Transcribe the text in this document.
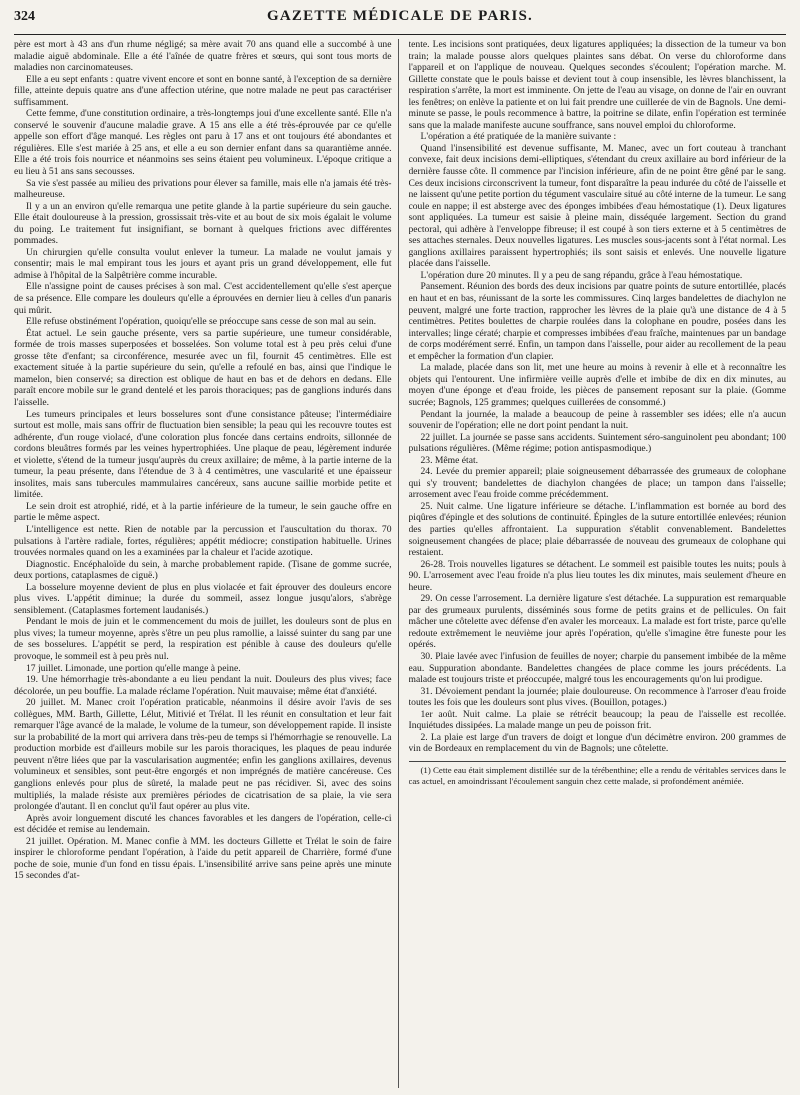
324	GAZETTE MÉDICALE DE PARIS.

père est mort à 43 ans d'un rhume négligé; sa mère avait 70 ans quand elle a succombé à une maladie aiguë abdominale. Elle a été l'aînée de quatre frères et sœurs, qui sont tous morts de maladies non carcinomateuses.

Elle a eu sept enfants : quatre vivent encore et sont en bonne santé, à l'exception de sa dernière fille, atteinte depuis quatre ans d'une affection utérine, que notre malade ne peut pas caractériser suffisamment.

Cette femme, d'une constitution ordinaire, a très-longtemps joui d'une excellente santé. Elle n'a conservé le souvenir d'aucune maladie grave. A 15 ans elle a été très-éprouvée par ce qu'elle appelle son effort d'âge manqué. Les règles ont paru à 17 ans et ont toujours été abondantes et régulières. Elle s'est mariée à 25 ans, et elle a eu son dernier enfant dans sa quarantième année. Elle a été trois fois nourrice et néanmoins ses seins étaient peu volumineux. L'époque critique a eu lieu à 51 ans sans secousses.

Sa vie s'est passée au milieu des privations pour élever sa famille, mais elle n'a jamais été très-malheureuse.

Il y a un an environ qu'elle remarqua une petite glande à la partie supérieure du sein gauche. Elle était douloureuse à la pression, grossissait très-vite et au bout de six mois égalait le volume du poing. Le traitement fut insignifiant, se bornant à quelques frictions avec différentes pommades.

Un chirurgien qu'elle consulta voulut enlever la tumeur. La malade ne voulut jamais y consentir; mais le mal empirant tous les jours et ayant pris un grand développement, elle fut admise à l'hôpital de la Salpêtrière comme incurable.

Elle n'assigne point de causes précises à son mal. C'est accidentellement qu'elle s'est aperçue de sa présence. Elle compare les douleurs qu'elle a éprouvées en dernier lieu à celles d'un panaris qui mûrit.

Elle refuse obstinément l'opération, quoiqu'elle se préoccupe sans cesse de son mal au sein.

État actuel. Le sein gauche présente, vers sa partie supérieure, une tumeur considérable, formée de trois masses superposées et bosselées. Son volume total est à peu près celui d'une grosse tête d'enfant; sa circonférence, mesurée avec un fil, fournit 45 centimètres. Elle est exactement située à la partie supérieure du sein, qu'elle a refoulé en bas, ainsi que l'indique le mamelon, bien conservé; sa direction est oblique de haut en bas et de dehors en dedans. Elle paraît encore mobile sur le grand dentelé et les parois thoraciques; pas de ganglions indurés dans l'aisselle.

Les tumeurs principales et leurs bosselures sont d'une consistance pâteuse; l'intermédiaire surtout est molle, mais sans offrir de fluctuation bien sensible; la peau qui les recouvre toutes est adhérente, d'un rouge violacé, d'une coloration plus foncée dans certains endroits, sillonnée de cordons bleuâtres formés par les veines hypertrophiées. Une plaque de peau, légèrement indurée et violette, s'étend de la tumeur jusqu'auprès du creux axillaire; de même, à la partie interne de la tumeur, la peau présente, dans l'étendue de 3 à 4 centimètres, une vascularité et une épaisseur insolites, mais sans tubercules mammulaires cancéreux, sans aucune saillie morbide petite et limitée.

Le sein droit est atrophié, ridé, et à la partie inférieure de la tumeur, le sein gauche offre en partie le même aspect.

L'intelligence est nette. Rien de notable par la percussion et l'auscultation du thorax. 70 pulsations à l'artère radiale, fortes, régulières; appétit médiocre; constipation habituelle. Urines trouvées normales quand on les a examinées par la chaleur et l'acide azotique.

Diagnostic. Encéphaloïde du sein, à marche probablement rapide. (Tisane de gomme sucrée, deux portions, cataplasmes de ciguë.)

La bosselure moyenne devient de plus en plus violacée et fait éprouver des douleurs encore plus vives. L'appétit diminue; la durée du sommeil, assez longue jusqu'alors, s'abrège sensiblement. (Cataplasmes fortement laudanisés.)

Pendant le mois de juin et le commencement du mois de juillet, les douleurs sont de plus en plus vives; la tumeur moyenne, après s'être un peu plus ramollie, a laissé suinter du sang par une de ses bosselures. L'appétit se perd, la respiration est pénible à cause des douleurs qu'elle provoque, le sommeil est à peu près nul.

17 juillet. Limonade, une portion qu'elle mange à peine.

19. Une hémorrhagie très-abondante a eu lieu pendant la nuit. Douleurs des plus vives; face décolorée, un peu bouffie. La malade réclame l'opération. Nuit mauvaise; même état d'anxiété.

20 juillet. M. Manec croit l'opération praticable, néanmoins il désire avoir l'avis de ses collègues, MM. Barth, Gillette, Lélut, Mitivié et Trélat. Il les réunit en consultation et leur fait remarquer l'âge avancé de la malade, le volume de la tumeur, son développement rapide. Il insiste sur la probabilité de la mort qui arrivera dans très-peu de temps si l'hémorrhagie se renouvelle. La production morbide est d'ailleurs mobile sur les parois thoraciques, les plaques de peau indurée peuvent n'être liées que par la vascularisation augmentée; enfin les ganglions axillaires, devenus volumineux et sensibles, sont peut-être engorgés et non imprégnés de matière cancéreuse. Ces ganglions enlevés pour plus de sûreté, la malade peut ne pas récidiver. Si, avec des soins multipliés, la malade résiste aux premières périodes de cicatrisation de sa plaie, la vie sera prolongée d'autant. Il en conclut qu'il faut opérer au plus vite.

Après avoir longuement discuté les chances favorables et les dangers de l'opération, celle-ci est décidée et remise au lendemain.

21 juillet. Opération. M. Manec confie à MM. les docteurs Gillette et Trélat le soin de faire inspirer le chloroforme pendant l'opération, à l'aide du petit appareil de Charrière, formé d'une poche de soie, munie d'un fond en tissu épais. L'insensibilité arrive sans peine après une minute 15 secondes d'at-

tente. Les incisions sont pratiquées, deux ligatures appliquées; la dissection de la tumeur va bon train; la malade pousse alors quelques plaintes sans débat. On verse du chloroforme dans l'appareil et on l'applique de nouveau. Quelques secondes s'écoulent; l'opération marche. M. Gillette constate que le pouls baisse et devient tout à coup insensible, les lèvres blanchissent, la respiration s'arrête, la mort est imminente. On jette de l'eau au visage, on donne de l'air en ouvrant les fenêtres; on enlève la patiente et on lui fait prendre une cuillerée de vin de Bagnols. Une demi-minute se passe, le pouls recommence à battre, la poitrine se dilate, enfin l'opération est terminée sans que la malade manifeste aucune souffrance, sans nouvel emploi du chloroforme.

L'opération a été pratiquée de la manière suivante :

Quand l'insensibilité est devenue suffisante, M. Manec, avec un fort couteau à tranchant convexe, fait deux incisions demi-elliptiques, s'étendant du creux axillaire au bord inférieur de la dernière fausse côte. Il commence par l'incision inférieure, afin de ne point être gêné par le sang. Ces deux incisions circonscrivent la tumeur, font disparaître la peau indurée du côté de l'aisselle et ne laissent qu'une petite portion du tégument vasculaire situé au côté interne de la tumeur. Le sang coule en nappe; il est absterge avec des éponges imbibées d'eau hémostatique (1). Deux ligatures sont appliquées. La tumeur est saisie à pleine main, disséquée largement. Section du grand pectoral, qui adhère à l'enveloppe fibreuse; il est coupé à son tiers externe et à 5 centimètres de ses attaches sternales. Deux nouvelles ligatures. Les muscles sous-jacents sont à l'état normal. Les ganglions axillaires paraissent hypertrophiés; ils sont saisis et enlevés. Une nouvelle ligature placée dans l'aisselle.

L'opération dure 20 minutes. Il y a peu de sang répandu, grâce à l'eau hémostatique.

Pansement. Réunion des bords des deux incisions par quatre points de suture entortillée, placés en haut et en bas, réunissant de la sorte les commissures. Cinq larges bandelettes de diachylon ne peuvent, malgré une forte traction, rapprocher les lèvres de la plaie qu'à une distance de 4 à 5 centimètres. Petites boulettes de charpie roulées dans la colophane en poudre, posées dans les intervalles; linge cératé; charpie et compresses imbibées d'eau fraîche, maintenues par un bandage de corps modérément serré. Enfin, un tampon dans l'aisselle, pour aider au recollement de la peau et empêcher la formation d'un clapier.

La malade, placée dans son lit, met une heure au moins à revenir à elle et à reconnaître les objets qui l'entourent. Une infirmière veille auprès d'elle et imbibe de dix en dix minutes, au moyen d'une éponge et d'eau froide, les pièces de pansement reposant sur la plaie. (Gomme sucrée; Bagnols, 125 grammes; quelques cuillerées de consommé.)

Pendant la journée, la malade a beaucoup de peine à rassembler ses idées; elle n'a aucun souvenir de l'opération; elle ne dort point pendant la nuit.

22 juillet. La journée se passe sans accidents. Suintement séro-sanguinolent peu abondant; 100 pulsations régulières. (Même régime; potion antispasmodique.)

23. Même état.

24. Levée du premier appareil; plaie soigneusement débarrassée des grumeaux de colophane qui s'y trouvent; bandelettes de diachylon changées de place; un tampon dans l'aisselle; arrosement avec l'eau froide comme précédemment.

25. Nuit calme. Une ligature inférieure se détache. L'inflammation est bornée au bord des piqûres d'épingle et des solutions de continuité. Épingles de la suture entortillée enlevées; réunion des parties qu'elles affrontaient. La suppuration s'établit convenablement. Bandelettes soigneusement changées de place; plaie débarrassée de nouveau des grumeaux de colophane qui restaient.

26-28. Trois nouvelles ligatures se détachent. Le sommeil est paisible toutes les nuits; pouls à 90. L'arrosement avec l'eau froide n'a plus lieu toutes les dix minutes, mais seulement d'heure en heure.

29. On cesse l'arrosement. La dernière ligature s'est détachée. La suppuration est remarquable par des grumeaux purulents, disséminés sous forme de petits grains et de pellicules. On fait mâcher une côtelette avec défense d'en avaler les morceaux. La malade est fort triste, parce qu'elle redoute extrêmement le neuvième jour après l'opération, qu'elle s'imagine être funeste pour les opérés.

30. Plaie lavée avec l'infusion de feuilles de noyer; charpie du pansement imbibée de la même eau. Suppuration abondante. Bandelettes changées de place comme les jours précédents. La malade est toujours triste et préoccupée, malgré tous les encouragements qu'on lui prodigue.

31. Dévoiement pendant la journée; plaie douloureuse. On recommence à l'arroser d'eau froide toutes les fois que les douleurs sont plus vives. (Bouillon, potages.)

1er août. Nuit calme. La plaie se rétrécit beaucoup; la peau de l'aisselle est recollée. Inquiétudes dissipées. La malade mange un peu de poisson frit.

2. La plaie est large d'un travers de doigt et longue d'un décimètre environ. 200 grammes de vin de Bordeaux en remplacement du vin de Bagnols; une côtelette.

(1) Cette eau était simplement distillée sur de la térébenthine; elle a rendu de véritables services dans le cas actuel, en amoindrissant l'écoulement sanguin chez cette malade, si profondément anémiée.
